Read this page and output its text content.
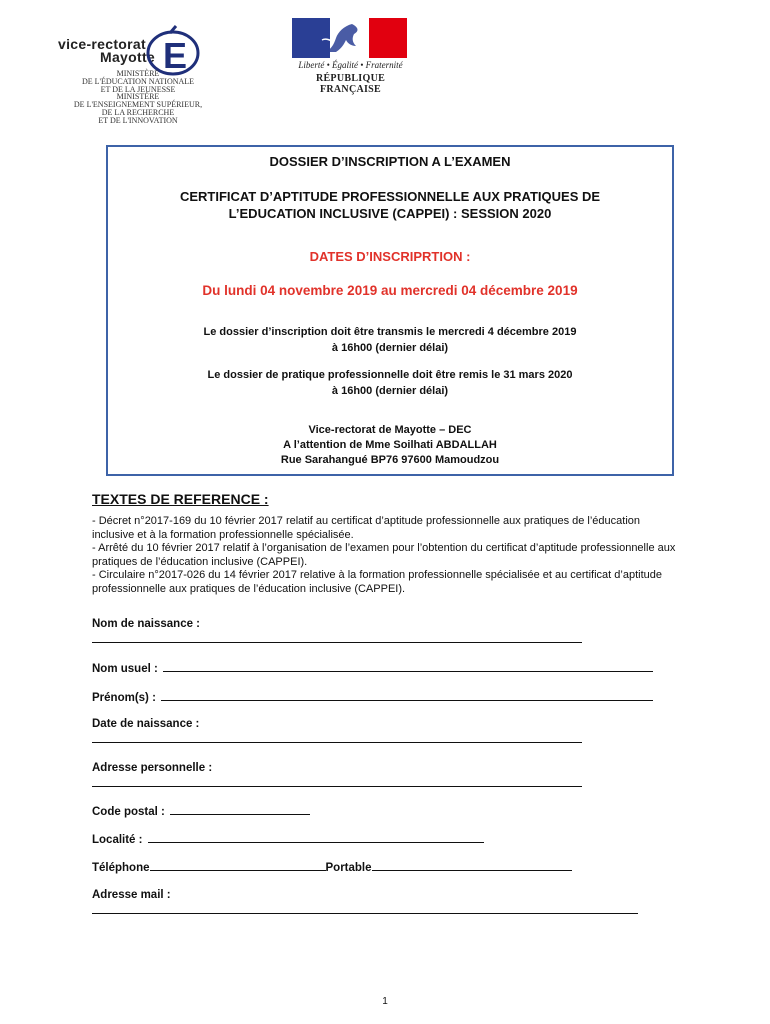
vice-rectorat
Mayotte E
MINISTÈRE
DE L'ÉDUCATION NATIONALE
ET DE LA JEUNESSE
MINISTÈRE
DE L'ENSEIGNEMENT SUPÉRIEUR,
DE LA RECHERCHE
ET DE L'INNOVATION
Liberté • Égalité • Fraternité
RÉPUBLIQUE FRANÇAISE
DOSSIER D’INSCRIPTION A L’EXAMEN
CERTIFICAT D’APTITUDE PROFESSIONNELLE AUX PRATIQUES DE
L’EDUCATION INCLUSIVE (CAPPEI) : SESSION 2020
DATES D’INSCRIPRTION :
Du lundi 04 novembre 2019 au mercredi 04 décembre 2019
Le dossier d’inscription doit être transmis le mercredi 4 décembre 2019
à 16h00 (dernier délai)
Le dossier de pratique professionnelle doit être remis le 31 mars 2020
à 16h00 (dernier délai)
Vice-rectorat de Mayotte – DEC
A l’attention de Mme Soilhati ABDALLAH
Rue Sarahangué BP76 97600 Mamoudzou
TEXTES DE REFERENCE :
- Décret n°2017-169 du 10 février 2017 relatif au certificat d’aptitude professionnelle aux pratiques de l’éducation inclusive et à la formation professionnelle spécialisée.
- Arrêté du 10 février 2017 relatif à l’organisation de l’examen pour l’obtention du certificat d’aptitude professionnelle aux pratiques de l’éducation inclusive (CAPPEI).
- Circulaire n°2017-026 du 14 février 2017 relative à la formation professionnelle spécialisée et au certificat d’aptitude professionnelle aux pratiques de l’éducation inclusive (CAPPEI).
Nom de naissance :
Nom usuel :
Prénom(s) :
Date de naissance :
Adresse personnelle :
Code postal :
Localité :
Téléphone	Portable
Adresse mail :
1
